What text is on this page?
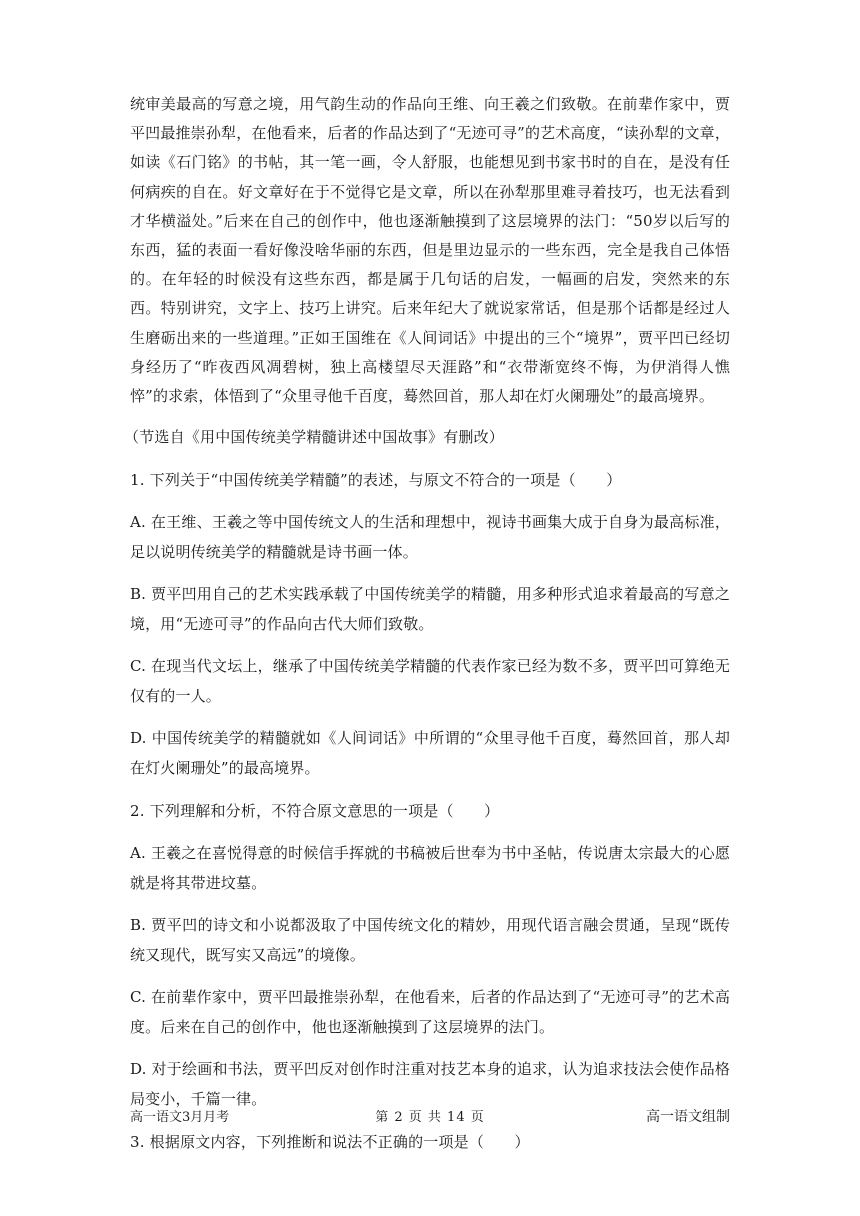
统审美最高的写意之境，用气韵生动的作品向王维、向王羲之们致敬。在前辈作家中，贾平凹最推崇孙犁，在他看来，后者的作品达到了“无迹可寻”的艺术高度，“读孙犁的文章，如读《石门铭》的书帖，其一笔一画，令人舒服，也能想见到书家书时的自在，是没有任何病疾的自在。好文章好在于不觉得它是文章，所以在孙犁那里难寻着技巧，也无法看到才华横溢处。”后来在自己的创作中，他也逐渐触摸到了这层境界的法门：“50岁以后写的东西，猛的表面一看好像没啥华丽的东西，但是里边显示的一些东西，完全是我自己体悟的。在年轻的时候没有这些东西，都是属于几句话的启发，一幅画的启发，突然来的东西。特别讲究，文字上、技巧上讲究。后来年纪大了就说家常话，但是那个话都是经过人生磨砺出来的一些道理。”正如王国维在《人间词话》中提出的三个“境界”，贾平凹已经切身经历了“昨夜西风凋碧树，独上高楼望尽天涯路”和“衣带渐宽终不悔，为伊消得人憔悴”的求索，体悟到了“众里寻他千百度，蓦然回首，那人却在灯火阑珊处”的最高境界。

（节选自《用中国传统美学精髓讲述中国故事》有删改）

1. 下列关于“中国传统美学精髓”的表述，与原文不符合的一项是（　　）

A. 在王维、王羲之等中国传统文人的生活和理想中，视诗书画集大成于自身为最高标准，足以说明传统美学的精髓就是诗书画一体。

B. 贾平凹用自己的艺术实践承载了中国传统美学的精髓，用多种形式追求着最高的写意之境，用“无迹可寻”的作品向古代大师们致敬。

C. 在现当代文坛上，继承了中国传统美学精髓的代表作家已经为数不多，贾平凹可算绝无仅有的一人。

D. 中国传统美学的精髓就如《人间词话》中所谓的“众里寻他千百度，蓦然回首，那人却在灯火阑珊处”的最高境界。

2. 下列理解和分析，不符合原文意思的一项是（　　）

A. 王羲之在喜悦得意的时候信手挥就的书稿被后世奉为书中圣帖，传说唐太宗最大的心愿就是将其带进坟墓。

B. 贾平凹的诗文和小说都汲取了中国传统文化的精妙，用现代语言融会贯通，呈现“既传统又现代，既写实又高远”的境像。

C. 在前辈作家中，贾平凹最推崇孙犁，在他看来，后者的作品达到了“无迹可寻”的艺术高度。后来在自己的创作中，他也逐渐触摸到了这层境界的法门。

D. 对于绘画和书法，贾平凹反对创作时注重对技艺本身的追求，认为追求技法会使作品格局变小，千篇一律。

3. 根据原文内容，下列推断和说法不正确的一项是（　　）

高一语文3月月考	第 2 页 共 14 页	高一语文组制
